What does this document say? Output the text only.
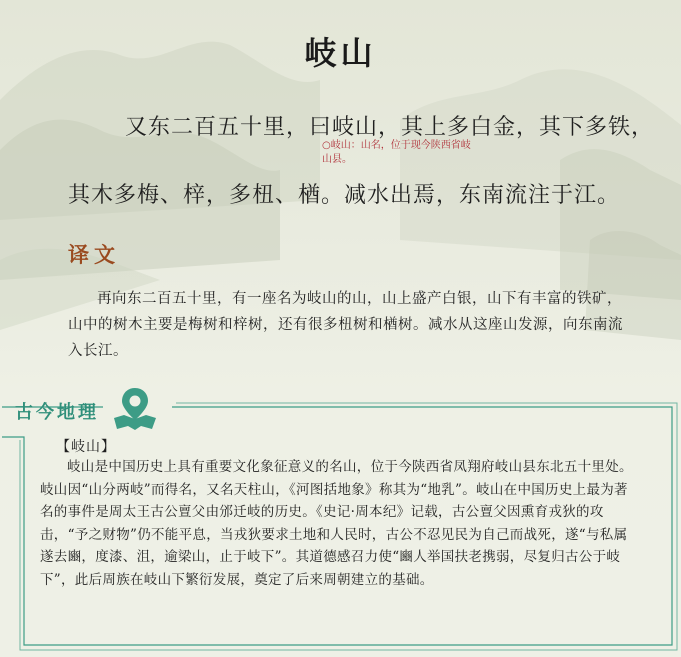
岐山
又东二百五十里，曰岐山，其上多白金，其下多铁，
○岐山：山名，位于现今陕西省岐山县。
其木多梅、梓，多杻、楢。减水出焉，东南流注于江。
译文
再向东二百五十里，有一座名为岐山的山，山上盛产白银，山下有丰富的铁矿，山中的树木主要是梅树和梓树，还有很多杻树和楢树。减水从这座山发源，向东南流入长江。
古今地理
【岐山】
岐山是中国历史上具有重要文化象征意义的名山，位于今陕西省凤翔府岐山县东北五十里处。岐山因“山分两岐”而得名，又名天柱山，《河图括地象》称其为“地乳”。岐山在中国历史上最为著名的事件是周太王古公亶父由邠迁岐的历史。《史记·周本纪》记载，古公亶父因熏育戎狄的攻击，“予之财物”仍不能平息，当戎狄要求土地和人民时，古公不忍见民为自己而战死，遂“与私属遂去豳，度漆、沮，逾梁山，止于岐下”。其道德感召力使“豳人举国扶老携弱，尽复归古公于岐下”，此后周族在岐山下繁衍发展，奠定了后来周朝建立的基础。
